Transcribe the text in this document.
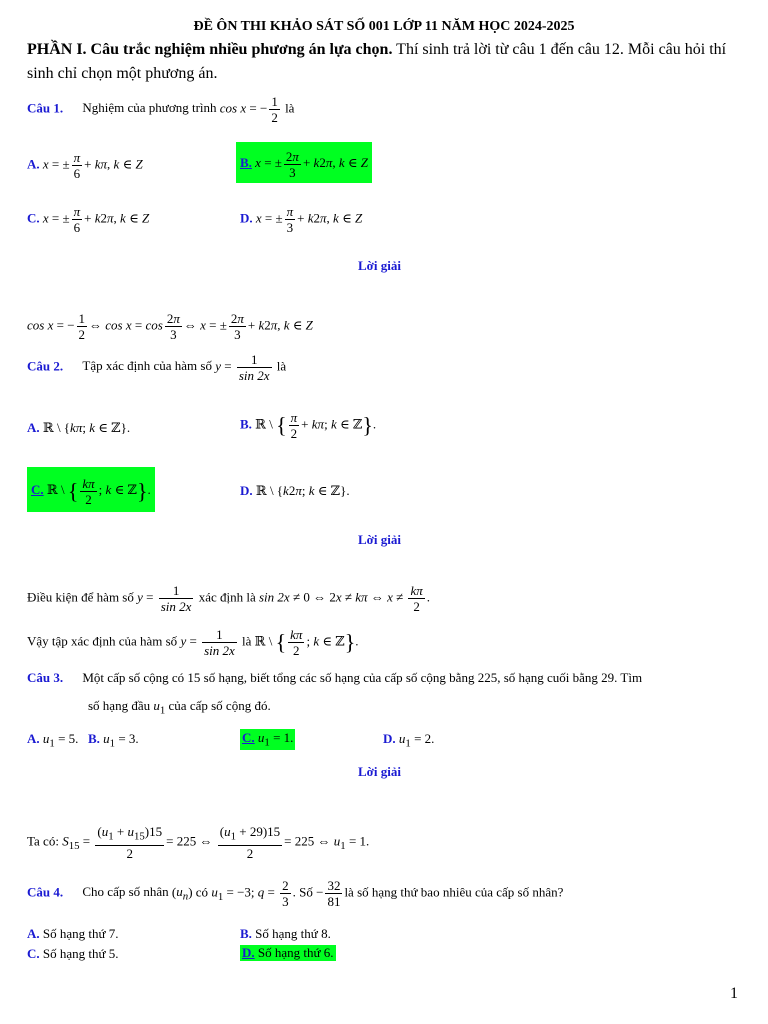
ĐỀ ÔN THI KHẢO SÁT SỐ 001 LỚP 11 NĂM HỌC 2024-2025
PHẦN I. Câu trắc nghiệm nhiều phương án lựa chọn. Thí sinh trả lời từ câu 1 đến câu 12. Mỗi câu hỏi thí sinh chỉ chọn một phương án.
Câu 1. Nghiệm của phương trình cos x = − $\frac{1}{2}$ là
A. x = ± $\frac{\pi}{6} + k\pi$, k ∈ Z	B. x = ± $\frac{2\pi}{3} + k2\pi$, k ∈ Z
C. x = ± $\frac{\pi}{6} + k2\pi$, k ∈ Z	D. x = ± $\frac{\pi}{3} + k2\pi$, k ∈ Z
Lời giải
cos x = − $\frac{1}{2}$ ⇔ $\cos x = \cos \frac{2\pi}{3}$ ⇔ x = ± $\frac{2\pi}{3} + k2\pi$, k ∈ Z
Câu 2. Tập xác định của hàm số $y = \frac{1}{\sin 2x}$ là
A. ℝ \ {kπ; k ∈ ℤ}.	B. ℝ \ { $\frac{\pi}{2} + k\pi$; k ∈ ℤ}.
C. ℝ \ { $\frac{k\pi}{2}$ ; k ∈ ℤ}.	D. ℝ \ {k2π; k ∈ ℤ}.
Lời giải
Điều kiện để hàm số $y = \frac{1}{\sin 2x}$ xác định là sin 2x ≠ 0 ⇔ 2x ≠ kπ ⇔ $x \ne \frac{k\pi}{2}$ .
Vậy tập xác định của hàm số $y = \frac{1}{\sin 2x}$ là ℝ \ { $\frac{k\pi}{2}$ ; k ∈ ℤ}.
Câu 3. Một cấp số cộng có 15 số hạng, biết tổng các số hạng của cấp số cộng bằng 225, số hạng cuối bằng 29. Tìm
số hạng đầu $u_1$ của cấp số cộng đó.
A. $u_1 = 5$. B. $u_1 = 3$.	C. $u_1 = 1$.	D. $u_1 = 2$.
Lời giải
Ta có: $S_{15} = \frac{(u_1 + u_{15})15}{2} = 225$ ⇔ $\frac{(u_1 + 29)15}{2} = 225$ ⇔ $u_1 = 1$.
Câu 4. Cho cấp số nhân $(u_n)$ có $u_1 = -3$; $q = \frac{2}{3}$ . Số − $\frac{32}{81}$ là số hạng thứ bao nhiêu của cấp số nhân?
A. Số hạng thứ 7.	B. Số hạng thứ 8.
C. Số hạng thứ 5.	D. Số hạng thứ 6.
1
